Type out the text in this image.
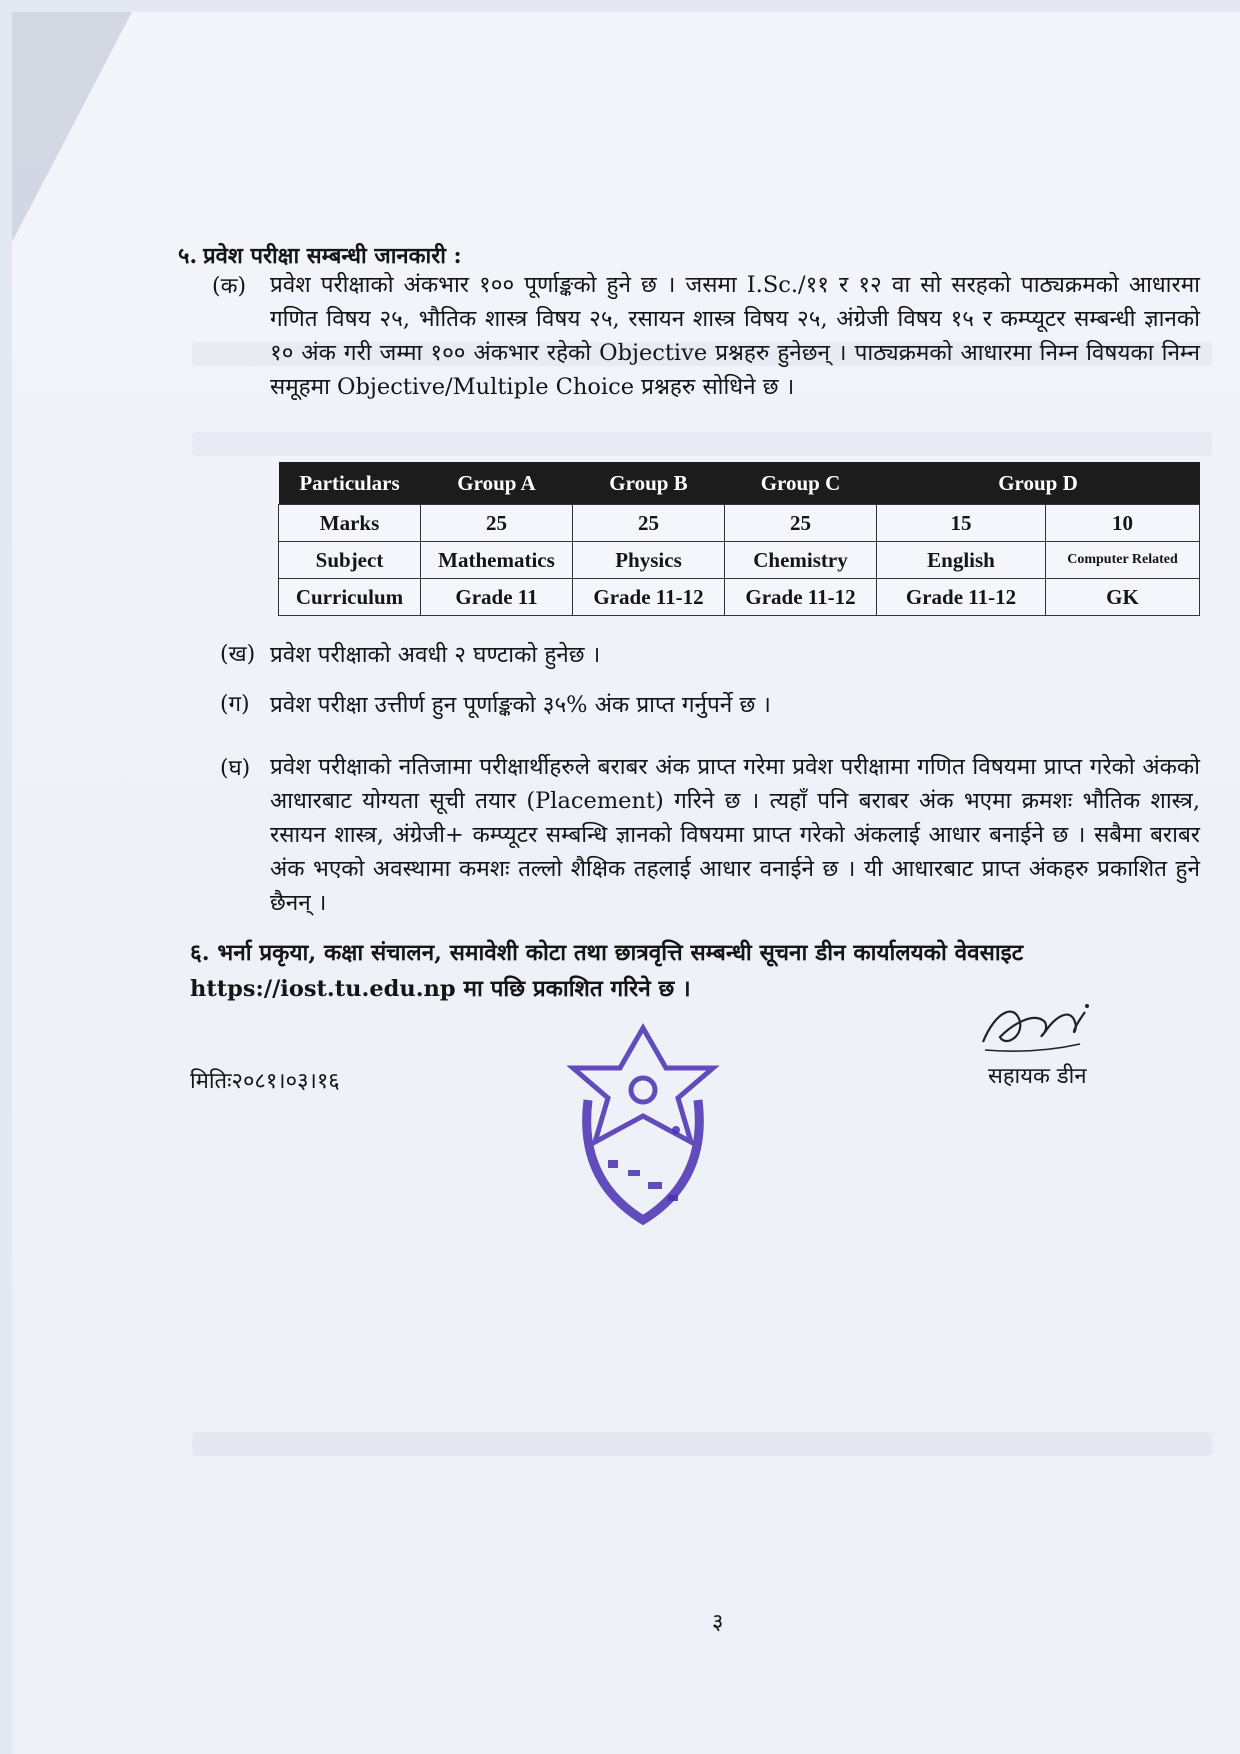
५. प्रवेश परीक्षा सम्बन्धी जानकारी :
(क) प्रवेश परीक्षाको अंकभार १०० पूर्णाङ्कको हुने छ । जसमा I.Sc./११ र १२ वा सो सरहको पाठ्यक्रमको आधारमा गणित विषय २५, भौतिक शास्त्र विषय २५, रसायन शास्त्र विषय २५, अंग्रेजी विषय १५ र कम्प्यूटर सम्बन्धी ज्ञानको १० अंक गरी जम्मा १०० अंकभार रहेको Objective प्रश्नहरु हुनेछन् । पाठ्यक्रमको आधारमा निम्न विषयका निम्न समूहमा Objective/Multiple Choice प्रश्नहरु सोधिने छ ।
Particulars	Group A	Group B	Group C	Group D	
Marks	25	25	25	15	10
Subject	Mathematics	Physics	Chemistry	English	Computer Related
Curriculum	Grade 11	Grade 11-12	Grade 11-12	Grade 11-12	GK
(ख) प्रवेश परीक्षाको अवधी २ घण्टाको हुनेछ ।
(ग) प्रवेश परीक्षा उत्तीर्ण हुन पूर्णाङ्कको ३५% अंक प्राप्त गर्नुपर्ने छ ।
(घ) प्रवेश परीक्षाको नतिजामा परीक्षार्थीहरुले बराबर अंक प्राप्त गरेमा प्रवेश परीक्षामा गणित विषयमा प्राप्त गरेको अंकको आधारबाट योग्यता सूची तयार (Placement) गरिने छ । त्यहाँ पनि बराबर अंक भएमा क्रमशः भौतिक शास्त्र, रसायन शास्त्र, अंग्रेजी+ कम्प्यूटर सम्बन्धि ज्ञानको विषयमा प्राप्त गरेको अंकलाई आधार बनाईने छ । सबैमा बराबर अंक भएको अवस्थामा कमशः तल्लो शैक्षिक तहलाई आधार वनाईने छ । यी आधारबाट प्राप्त अंकहरु प्रकाशित हुने छैनन् ।
६. भर्ना प्रकृया, कक्षा संचालन, समावेशी कोटा तथा छात्रवृत्ति सम्बन्धी सूचना डीन कार्यालयको वेवसाइट https://iost.tu.edu.np मा पछि प्रकाशित गरिने छ ।
मितिः२०८१।०३।१६	सहायक डीन
३
